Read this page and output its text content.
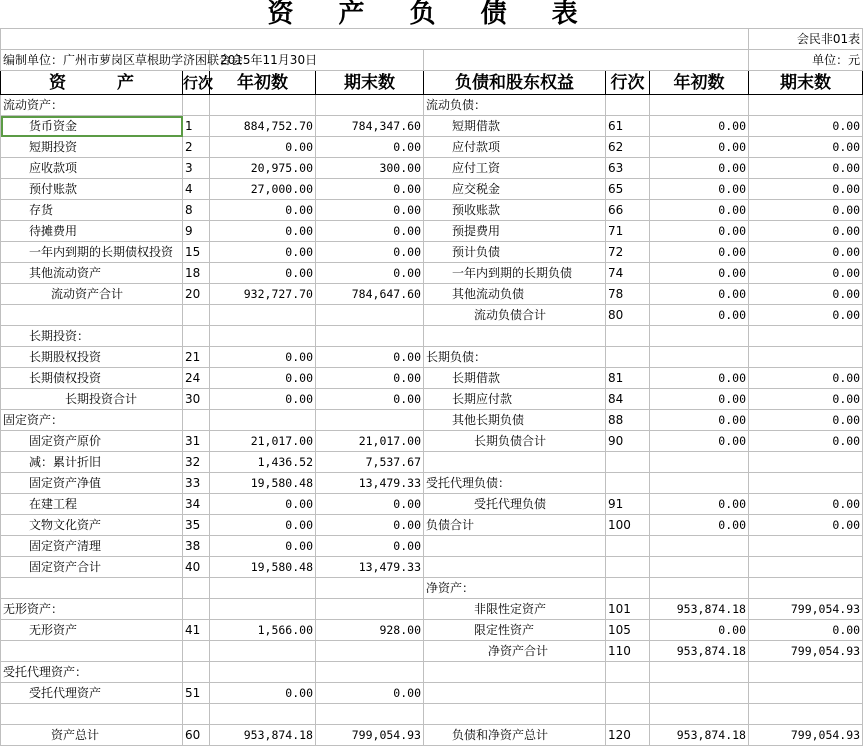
资 产 负 债 表							
							会民非01表
编制单位：广州市萝岗区草根助学济困联合会		2015年11月30日					单位：元
资　　　产	行次	年初数	期末数	负债和股东权益	行次	年初数	期末数
流动资产：				流动负债：			
货币资金	1	884,752.70	784,347.60	短期借款	61	0.00	0.00
短期投资	2	0.00	0.00	应付款项	62	0.00	0.00
应收款项	3	20,975.00	300.00	应付工资	63	0.00	0.00
预付账款	4	27,000.00	0.00	应交税金	65	0.00	0.00
存货	8	0.00	0.00	预收账款	66	0.00	0.00
待摊费用	9	0.00	0.00	预提费用	71	0.00	0.00
一年内到期的长期债权投资	15	0.00	0.00	预计负债	72	0.00	0.00
其他流动资产	18	0.00	0.00	一年内到期的长期负债	74	0.00	0.00
流动资产合计	20	932,727.70	784,647.60	其他流动负债	78	0.00	0.00
				流动负债合计	80	0.00	0.00
长期投资：							
长期股权投资	21	0.00	0.00	长期负债：			
长期债权投资	24	0.00	0.00	长期借款	81	0.00	0.00
长期投资合计	30	0.00	0.00	长期应付款	84	0.00	0.00
固定资产：				其他长期负债	88	0.00	0.00
固定资产原价	31	21,017.00	21,017.00	长期负债合计	90	0.00	0.00
减：累计折旧	32	1,436.52	7,537.67				
固定资产净值	33	19,580.48	13,479.33	受托代理负债：			
在建工程	34	0.00	0.00	受托代理负债	91	0.00	0.00
文物文化资产	35	0.00	0.00	负债合计	100	0.00	0.00
固定资产清理	38	0.00	0.00				
固定资产合计	40	19,580.48	13,479.33				
				净资产：			
无形资产：				非限性定资产	101	953,874.18	799,054.93
无形资产	41	1,566.00	928.00	限定性资产	105	0.00	0.00
				净资产合计	110	953,874.18	799,054.93
受托代理资产：							
受托代理资产	51	0.00	0.00				

资产总计	60	953,874.18	799,054.93	负债和净资产总计	120	953,874.18	799,054.93
